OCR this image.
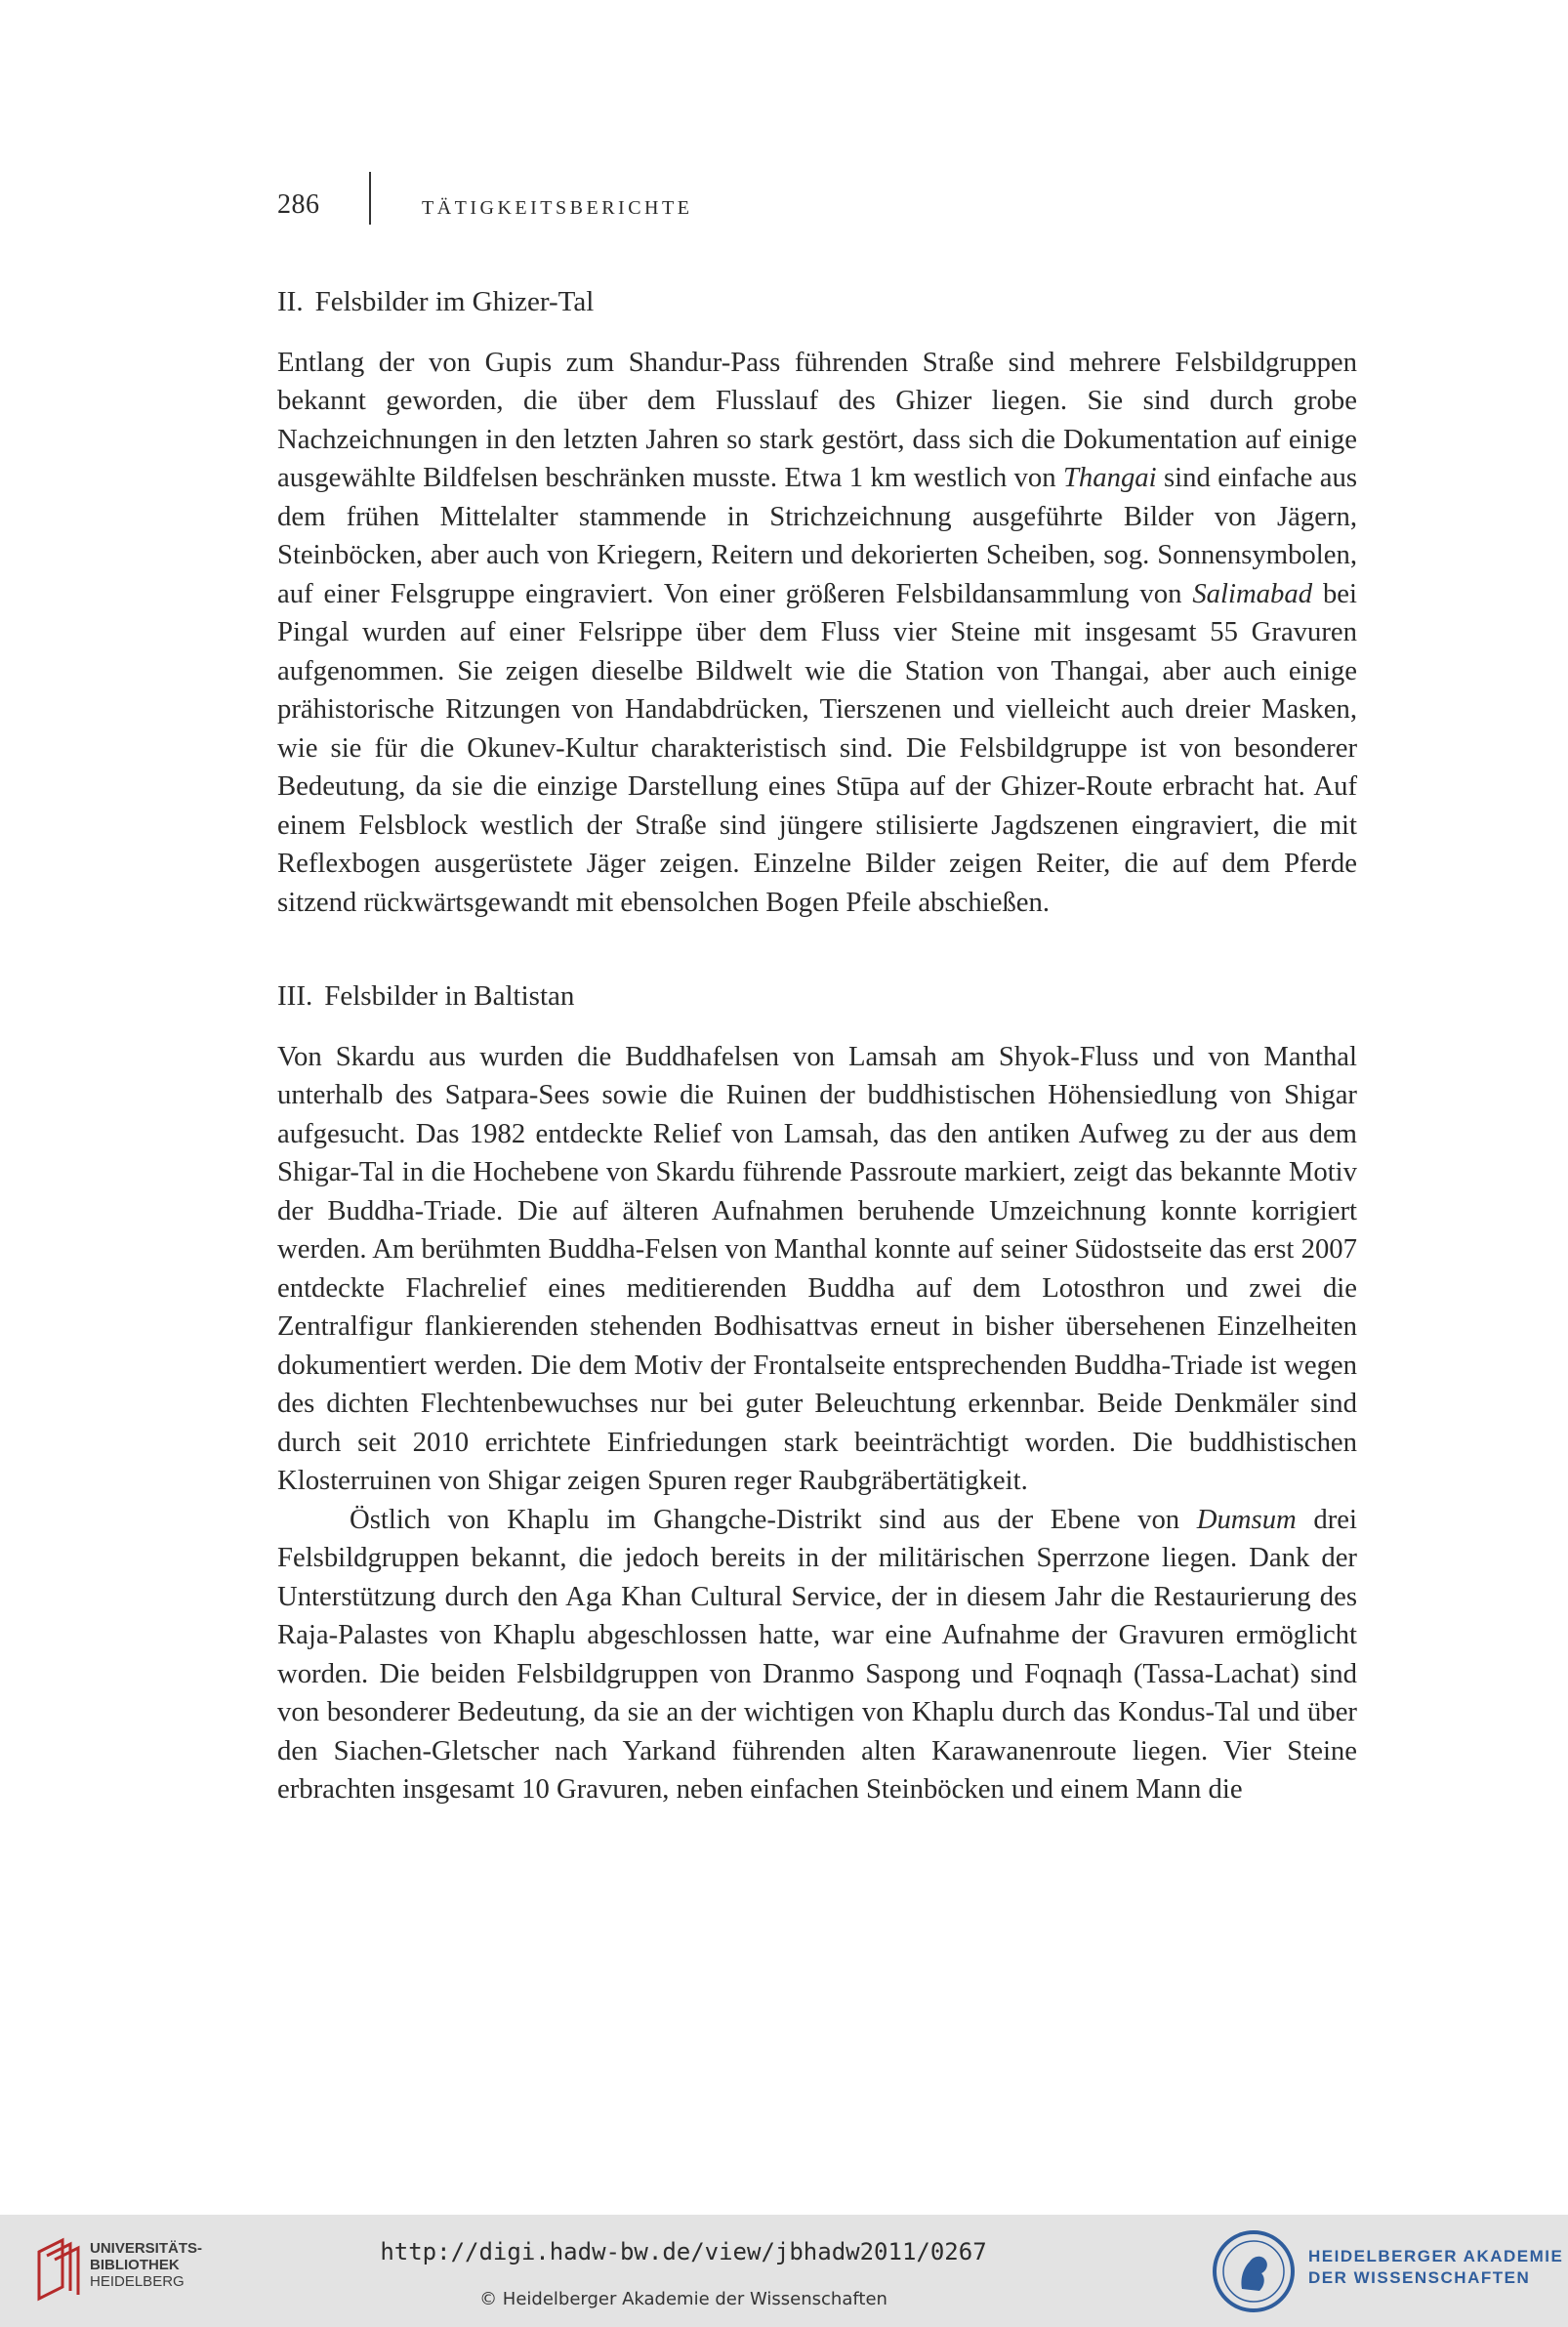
286	TÄTIGKEITSBERICHTE
II. Felsbilder im Ghizer-Tal

Entlang der von Gupis zum Shandur-Pass führenden Straße sind mehrere Felsbildgruppen bekannt geworden, die über dem Flusslauf des Ghizer liegen. Sie sind durch grobe Nachzeichnungen in den letzten Jahren so stark gestört, dass sich die Dokumentation auf einige ausgewählte Bildfelsen beschränken musste. Etwa 1 km westlich von Thangai sind einfache aus dem frühen Mittelalter stammende in Strichzeichnung ausgeführte Bilder von Jägern, Steinböcken, aber auch von Kriegern, Reitern und dekorierten Scheiben, sog. Sonnensymbolen, auf einer Felsgruppe eingraviert. Von einer größeren Felsbildansammlung von Salimabad bei Pingal wurden auf einer Felsrippe über dem Fluss vier Steine mit insgesamt 55 Gravuren aufgenommen. Sie zeigen dieselbe Bildwelt wie die Station von Thangai, aber auch einige prähistorische Ritzungen von Handabdrücken, Tierszenen und vielleicht auch dreier Masken, wie sie für die Okunev-Kultur charakteristisch sind. Die Felsbildgruppe ist von besonderer Bedeutung, da sie die einzige Darstellung eines Stūpa auf der Ghizer-Route erbracht hat. Auf einem Felsblock westlich der Straße sind jüngere stilisierte Jagdszenen eingraviert, die mit Reflexbogen ausgerüstete Jäger zeigen. Einzelne Bilder zeigen Reiter, die auf dem Pferde sitzend rückwärtsgewandt mit ebensolchen Bogen Pfeile abschießen.

III. Felsbilder in Baltistan

Von Skardu aus wurden die Buddhafelsen von Lamsah am Shyok-Fluss und von Manthal unterhalb des Satpara-Sees sowie die Ruinen der buddhistischen Höhensiedlung von Shigar aufgesucht. Das 1982 entdeckte Relief von Lamsah, das den antiken Aufweg zu der aus dem Shigar-Tal in die Hochebene von Skardu führende Passroute markiert, zeigt das bekannte Motiv der Buddha-Triade. Die auf älteren Aufnahmen beruhende Umzeichnung konnte korrigiert werden. Am berühmten Buddha-Felsen von Manthal konnte auf seiner Südostseite das erst 2007 entdeckte Flachrelief eines meditierenden Buddha auf dem Lotosthron und zwei die Zentralfigur flankierenden stehenden Bodhisattvas erneut in bisher übersehenen Einzelheiten dokumentiert werden. Die dem Motiv der Frontalseite entsprechenden Buddha-Triade ist wegen des dichten Flechtenbewuchses nur bei guter Beleuchtung erkennbar. Beide Denkmäler sind durch seit 2010 errichtete Einfriedungen stark beeinträchtigt worden. Die buddhistischen Klosterruinen von Shigar zeigen Spuren reger Raubgräbertätigkeit.

Östlich von Khaplu im Ghangche-Distrikt sind aus der Ebene von Dumsum drei Felsbildgruppen bekannt, die jedoch bereits in der militärischen Sperrzone liegen. Dank der Unterstützung durch den Aga Khan Cultural Service, der in diesem Jahr die Restaurierung des Raja-Palastes von Khaplu abgeschlossen hatte, war eine Aufnahme der Gravuren ermöglicht worden. Die beiden Felsbildgruppen von Dranmo Saspong und Foqnaqh (Tassa-Lachat) sind von besonderer Bedeutung, da sie an der wichtigen von Khaplu durch das Kondus-Tal und über den Siachen-Gletscher nach Yarkand führenden alten Karawanenroute liegen. Vier Steine erbrachten insgesamt 10 Gravuren, neben einfachen Steinböcken und einem Mann die

UNIVERSITÄTS-
BIBLIOTHEK
HEIDELBERG
http://digi.hadw-bw.de/view/jbhadw2011/0267
© Heidelberger Akademie der Wissenschaften
HEIDELBERGER AKADEMIE
DER WISSENSCHAFTEN
